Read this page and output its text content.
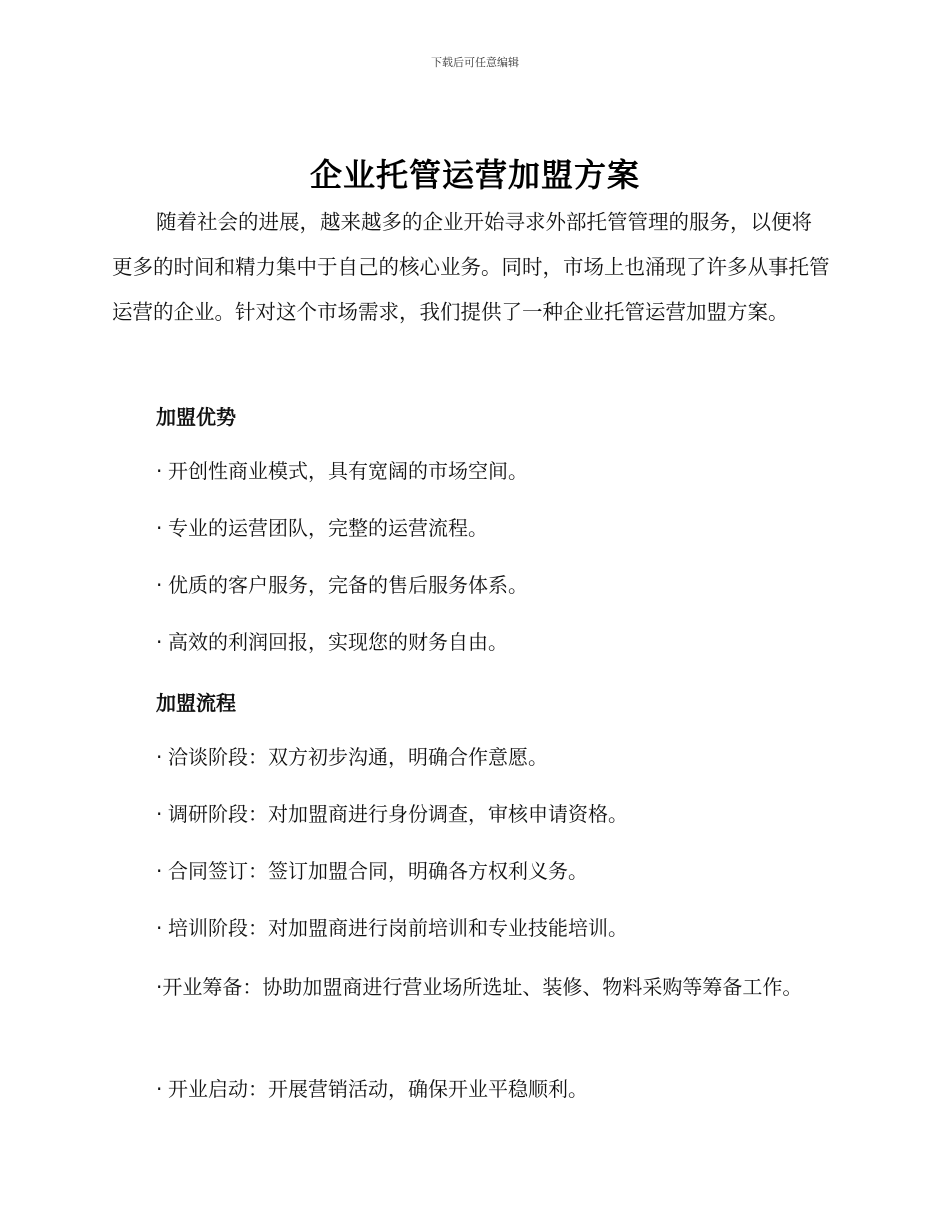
下载后可任意编辑
企业托管运营加盟方案

随着社会的进展，越来越多的企业开始寻求外部托管管理的服务，以便将更多的时间和精力集中于自己的核心业务。同时，市场上也涌现了许多从事托管运营的企业。针对这个市场需求，我们提供了一种企业托管运营加盟方案。

加盟优势

· 开创性商业模式，具有宽阔的市场空间。

· 专业的运营团队，完整的运营流程。

· 优质的客户服务，完备的售后服务体系。

· 高效的利润回报，实现您的财务自由。

加盟流程

· 洽谈阶段：双方初步沟通，明确合作意愿。

· 调研阶段：对加盟商进行身份调查，审核申请资格。

· 合同签订：签订加盟合同，明确各方权利义务。

· 培训阶段：对加盟商进行岗前培训和专业技能培训。

·开业筹备：协助加盟商进行营业场所选址、装修、物料采购等筹备工作。

· 开业启动：开展营销活动，确保开业平稳顺利。
